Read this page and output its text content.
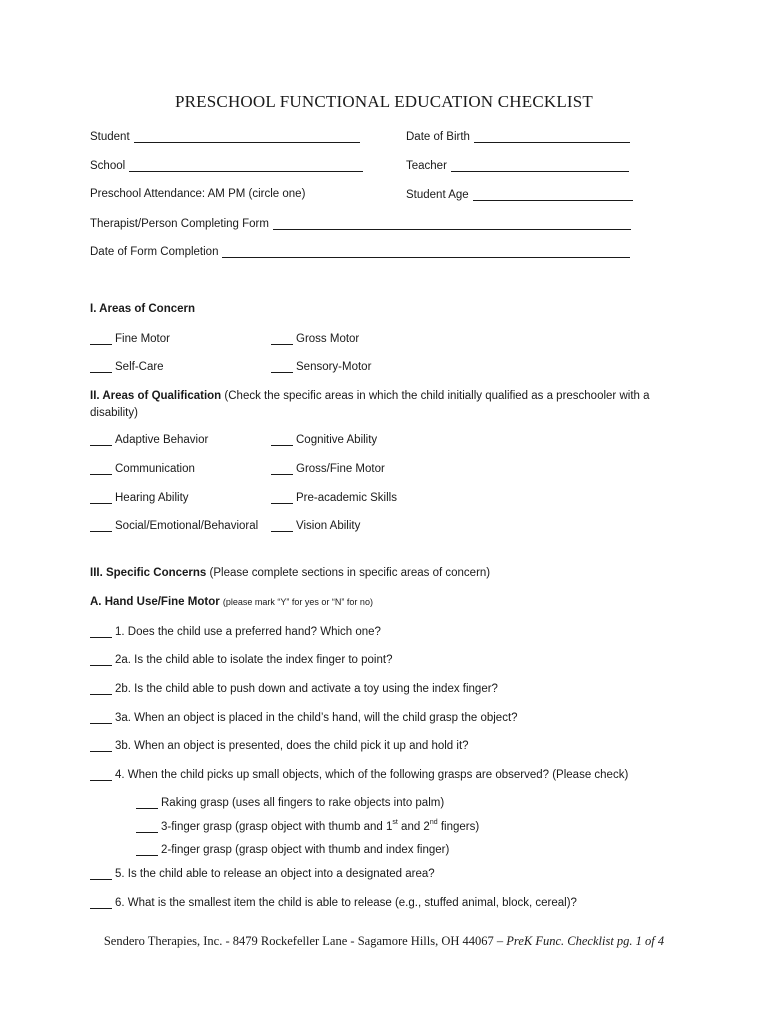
PRESCHOOL FUNCTIONAL EDUCATION CHECKLIST
Student	Date of Birth
School	Teacher
Preschool Attendance: AM PM (circle one)	Student Age
Therapist/Person Completing Form
Date of Form Completion
I. Areas of Concern
Fine Motor	Gross Motor
Self-Care	Sensory-Motor
II. Areas of Qualification (Check the specific areas in which the child initially qualified as a preschooler with a disability)
Adaptive Behavior	Cognitive Ability
Communication	Gross/Fine Motor
Hearing Ability	Pre-academic Skills
Social/Emotional/Behavioral	Vision Ability
III. Specific Concerns (Please complete sections in specific areas of concern)
A. Hand Use/Fine Motor (please mark “Y” for yes or “N” for no)
1. Does the child use a preferred hand? Which one?
2a. Is the child able to isolate the index finger to point?
2b. Is the child able to push down and activate a toy using the index finger?
3a. When an object is placed in the child’s hand, will the child grasp the object?
3b. When an object is presented, does the child pick it up and hold it?
4. When the child picks up small objects, which of the following grasps are observed? (Please check)
Raking grasp (uses all fingers to rake objects into palm)
3-finger grasp (grasp object with thumb and 1st and 2nd fingers)
2-finger grasp (grasp object with thumb and index finger)
5. Is the child able to release an object into a designated area?
6. What is the smallest item the child is able to release (e.g., stuffed animal, block, cereal)?
Sendero Therapies, Inc. - 8479 Rockefeller Lane - Sagamore Hills, OH 44067 – PreK Func. Checklist pg. 1 of 4
